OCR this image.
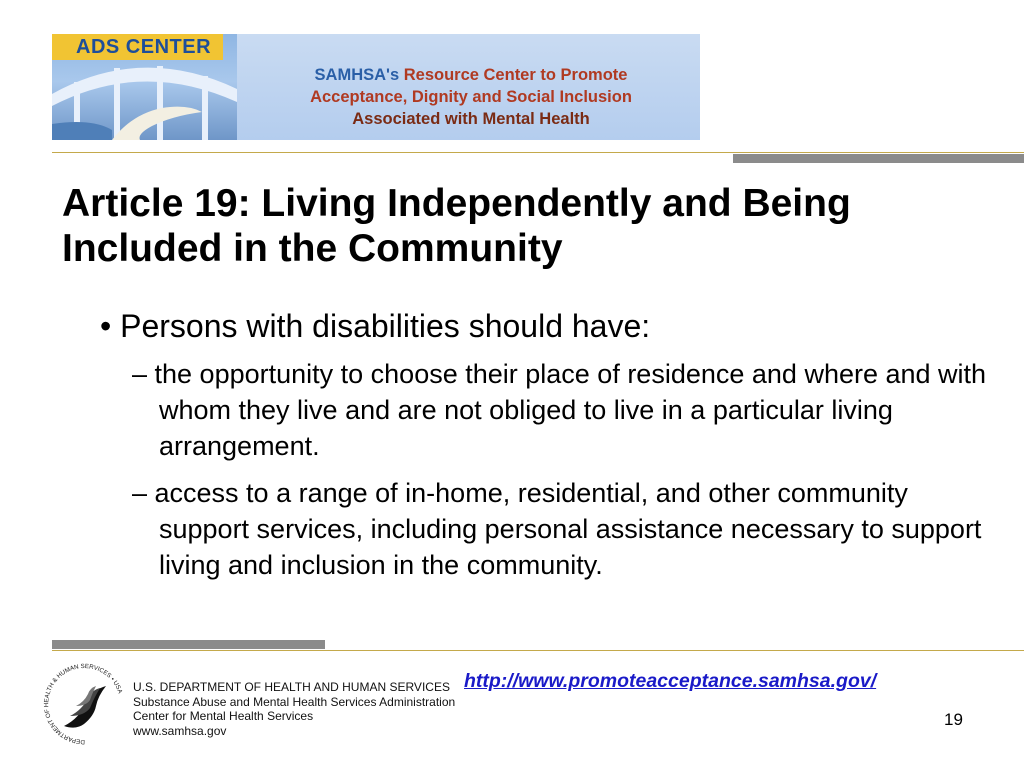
ADS CENTER
SAMHSA's Resource Center to Promote
Acceptance, Dignity and Social Inclusion
Associated with Mental Health
Article 19: Living Independently and Being Included in the Community
• Persons with disabilities should have:
– the opportunity to choose their place of residence and where and with whom they live and are not obliged to live in a particular living arrangement.
– access to a range of in-home, residential, and other community support services, including personal assistance necessary to support living and inclusion in the community.
DEPARTMENT OF HEALTH & HUMAN SERVICES • USA U.S. DEPARTMENT OF HEALTH AND HUMAN SERVICES
Substance Abuse and Mental Health Services Administration
Center for Mental Health Services
www.samhsa.gov
http://www.promoteacceptance.samhsa.gov/
19
